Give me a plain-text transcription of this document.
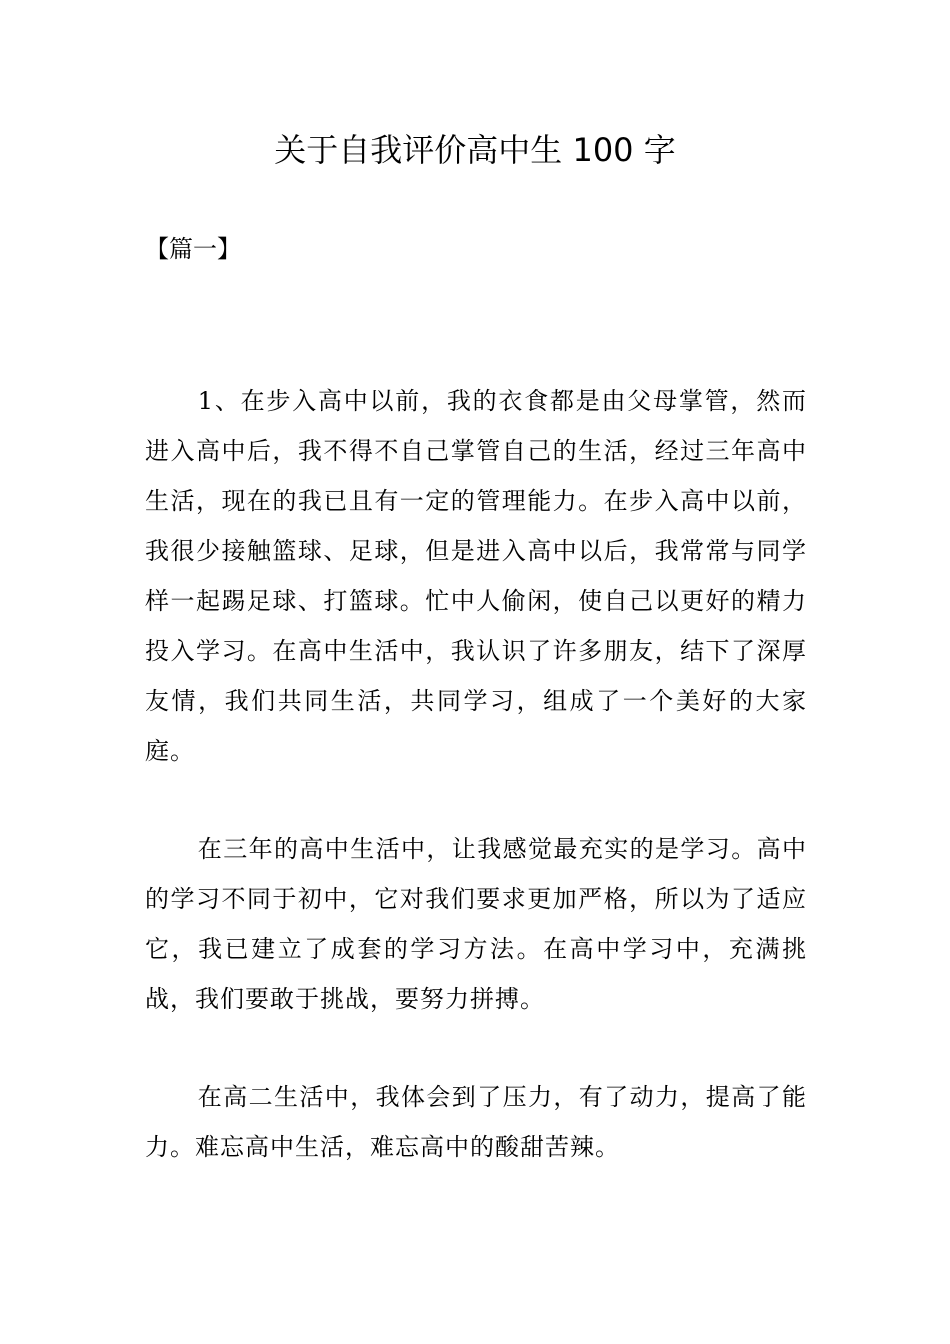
关于自我评价高中生 100 字

【篇一】

1、在步入高中以前，我的衣食都是由父母掌管，然而进入高中后，我不得不自己掌管自己的生活，经过三年高中生活，现在的我已且有一定的管理能力。在步入高中以前，我很少接触篮球、足球，但是进入高中以后，我常常与同学样一起踢足球、打篮球。忙中人偷闲，使自己以更好的精力投入学习。在高中生活中，我认识了许多朋友，结下了深厚友情，我们共同生活，共同学习，组成了一个美好的大家庭。

在三年的高中生活中，让我感觉最充实的是学习。高中的学习不同于初中，它对我们要求更加严格，所以为了适应它，我已建立了成套的学习方法。在高中学习中，充满挑战，我们要敢于挑战，要努力拼搏。

在高二生活中，我体会到了压力，有了动力，提高了能力。难忘高中生活，难忘高中的酸甜苦辣。
